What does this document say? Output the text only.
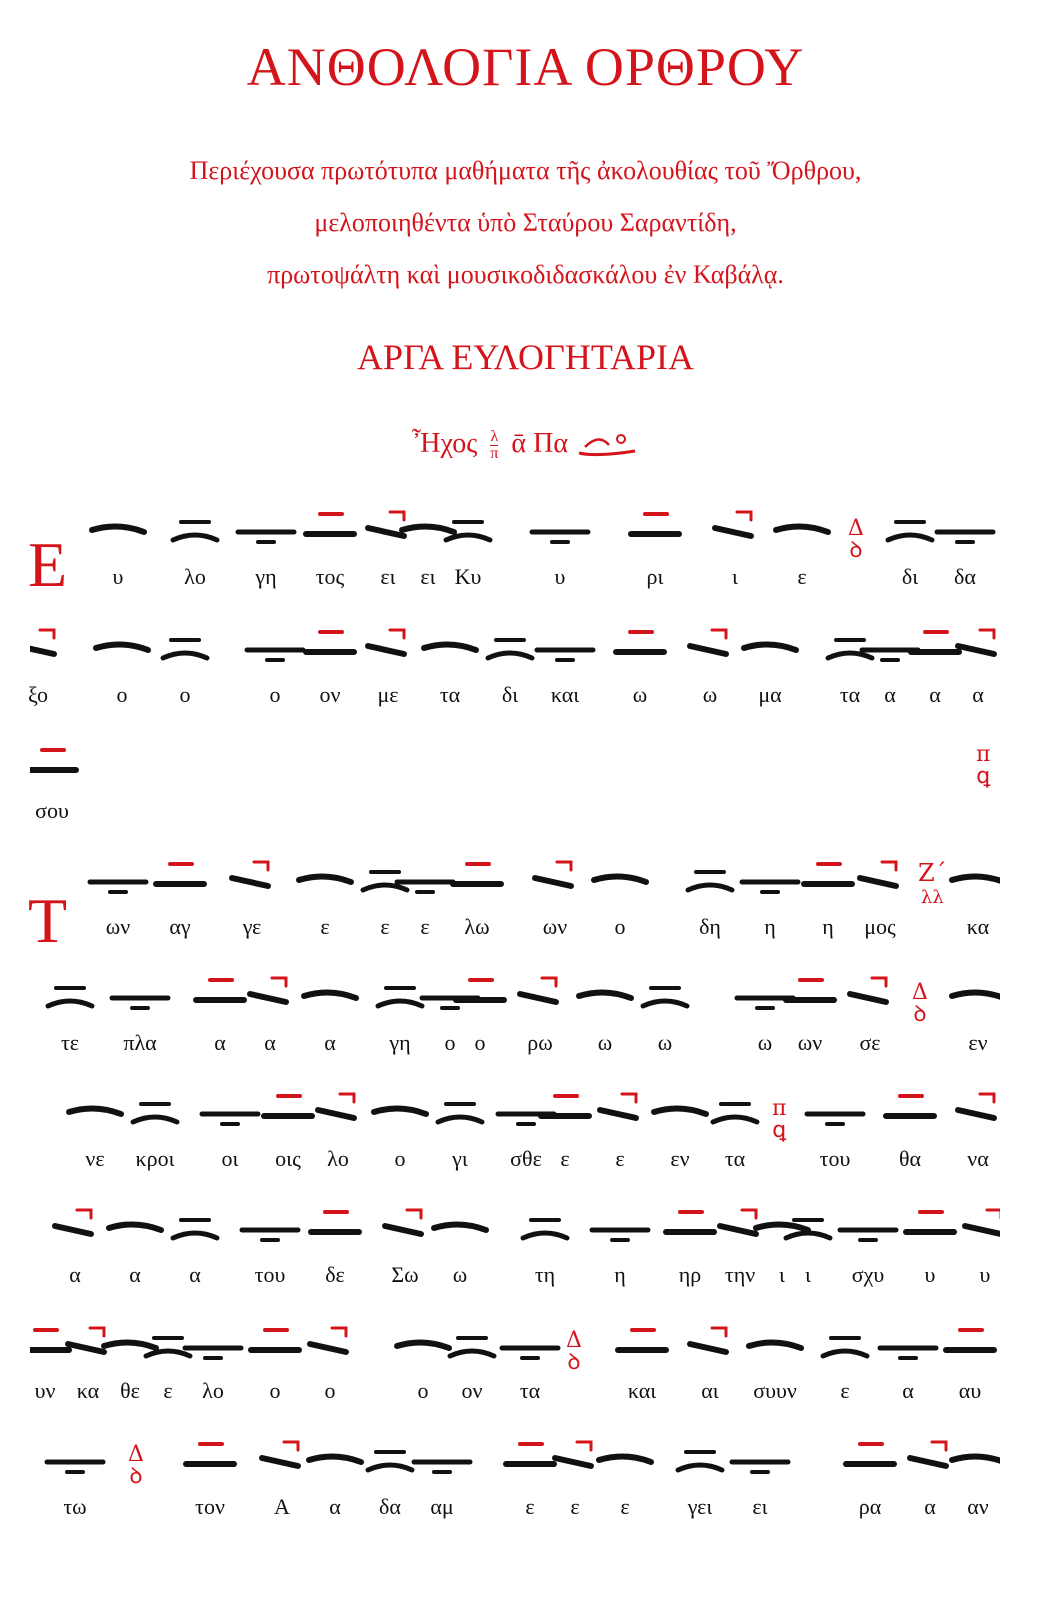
ΑΝΘΟΛΟΓΙΑ ΟΡΘΡΟΥ
Περιέχουσα πρωτότυπα μαθήματα τῆς ἀκολουθίας τοῦ Ὄρθρου,
μελοποιηθέντα ὑπὸ Σταύρου Σαραντίδη,
πρωτοψάλτη καὶ μουσικοδιδασκάλου ἐν Καβάλᾳ.
ΑΡΓΑ ΕΥΛΟΓΗΤΑΡΙΑ
Ἦχος $\frac{\lambda}{\pi}$ ᾱ Πα
Ε
Τ
υ	λο γη τος ει ει Κυ	υ	ρι	ι	ε	δι δα
ξο	ο ο	ο ον με τα δι και ω	ω μα	τα α α α
σου
ων αγ γε	ε ε ε λω ων ο	δη η η μος	κα
τε πλα	α α α γη ο ο ρω ω ω	ω ων σε	εν
νε κροι οι οις λο ο γι σθε ε ε εν τα	του θα να
α α α του δε Σω ω	τη	η ηρ την ι ι σχυ υ υ
υν κα θε ε λο ο ο	ο ον τα	και αι συυν ε α αυ
τω	τον Α α δα αμ	ε ε ε	γει ει	ρα α αν
Δ
ꝺ
π
ꝗ
Ζ΄
λλ
Δ
ꝺ
π
ꝗ
Δ
ꝺ
Δ
ꝺ
